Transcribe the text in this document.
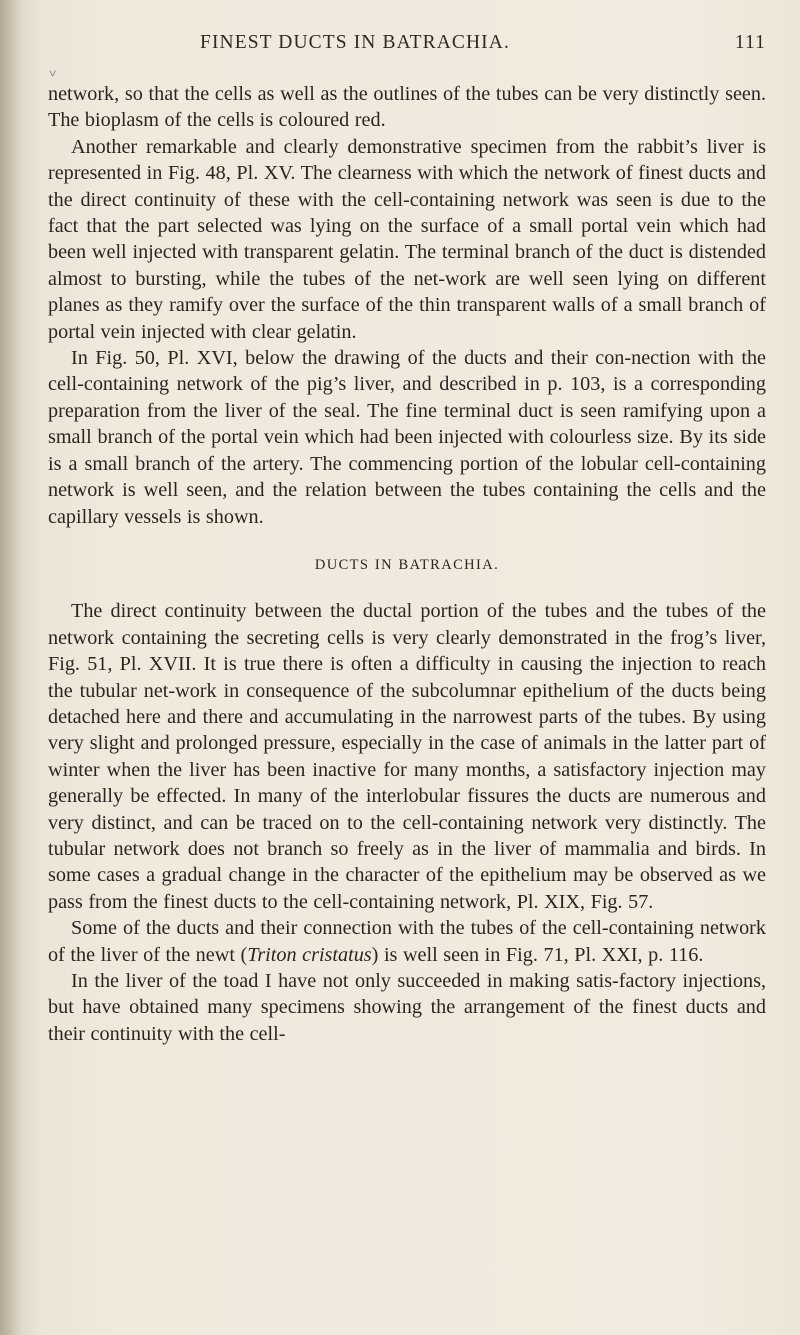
FINEST DUCTS IN BATRACHIA.	111
˅

network, so that the cells as well as the outlines of the tubes can be very distinctly seen. The bioplasm of the cells is coloured red.

Another remarkable and clearly demonstrative specimen from the rabbit’s liver is represented in Fig. 48, Pl. XV. The clearness with which the network of finest ducts and the direct continuity of these with the cell-containing network was seen is due to the fact that the part selected was lying on the surface of a small portal vein which had been well injected with transparent gelatin. The terminal branch of the duct is distended almost to bursting, while the tubes of the net-work are well seen lying on different planes as they ramify over the surface of the thin transparent walls of a small branch of portal vein injected with clear gelatin.

In Fig. 50, Pl. XVI, below the drawing of the ducts and their con-nection with the cell-containing network of the pig’s liver, and described in p. 103, is a corresponding preparation from the liver of the seal. The fine terminal duct is seen ramifying upon a small branch of the portal vein which had been injected with colourless size. By its side is a small branch of the artery. The commencing portion of the lobular cell-containing network is well seen, and the relation between the tubes containing the cells and the capillary vessels is shown.

DUCTS IN BATRACHIA.

The direct continuity between the ductal portion of the tubes and the tubes of the network containing the secreting cells is very clearly demonstrated in the frog’s liver, Fig. 51, Pl. XVII. It is true there is often a difficulty in causing the injection to reach the tubular net-work in consequence of the subcolumnar epithelium of the ducts being detached here and there and accumulating in the narrowest parts of the tubes. By using very slight and prolonged pressure, especially in the case of animals in the latter part of winter when the liver has been inactive for many months, a satisfactory injection may generally be effected. In many of the interlobular fissures the ducts are numerous and very distinct, and can be traced on to the cell-containing network very distinctly. The tubular network does not branch so freely as in the liver of mammalia and birds. In some cases a gradual change in the character of the epithelium may be observed as we pass from the finest ducts to the cell-containing network, Pl. XIX, Fig. 57.

Some of the ducts and their connection with the tubes of the cell-containing network of the liver of the newt (Triton cristatus) is well seen in Fig. 71, Pl. XXI, p. 116.

In the liver of the toad I have not only succeeded in making satis-factory injections, but have obtained many specimens showing the arrangement of the finest ducts and their continuity with the cell-
